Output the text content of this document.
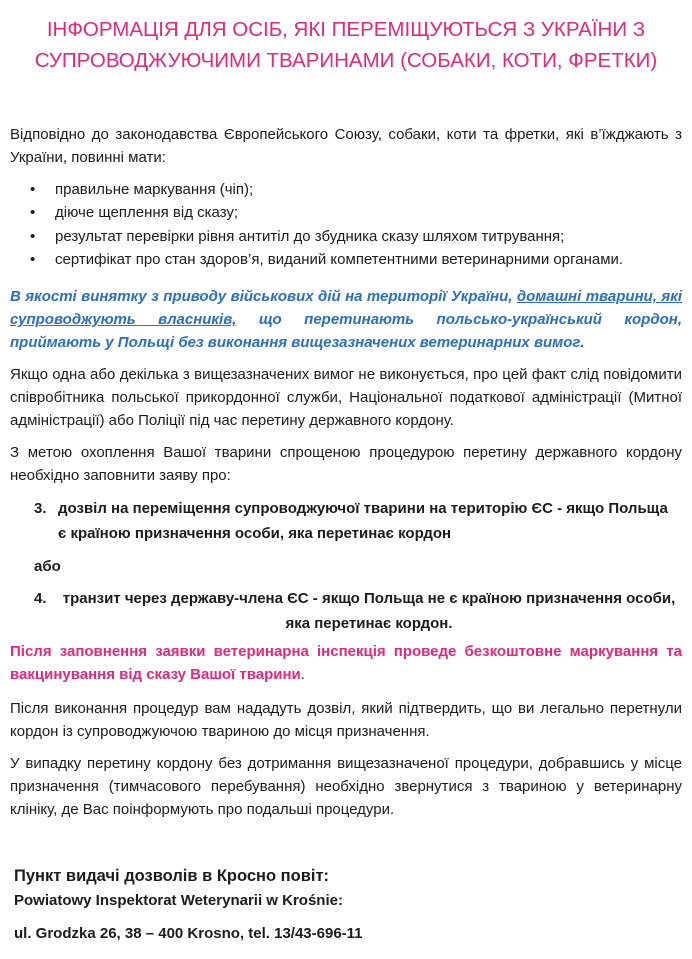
ІНФОРМАЦІЯ ДЛЯ ОСІБ, ЯКІ ПЕРЕМІЩУЮТЬСЯ З УКРАЇНИ З СУПРОВОДЖУЮЧИМИ ТВАРИНАМИ (СОБАКИ, КОТИ, ФРЕТКИ)

Відповідно до законодавства Європейського Союзу, собаки, коти та фретки, які в’їжджають з України, повинні мати:

• правильне маркування (чіп);
• діюче щеплення від сказу;
• результат перевірки рівня антитіл до збудника сказу шляхом титрування;
• сертифікат про стан здоров’я, виданий компетентними ветеринарними органами.

В якості винятку з приводу військових дій на території України, домашні тварини, які супроводжують власників, що перетинають польсько-український кордон, приймають у Польщі без виконання вищезазначених ветеринарних вимог.

Якщо одна або декілька з вищезазначених вимог не виконується, про цей факт слід повідомити співробітника польської прикордонної служби, Національної податкової адміністрації (Митної адміністрації) або Поліції під час перетину державного кордону.

З метою охоплення Вашої тварини спрощеною процедурою перетину державного кордону необхідно заповнити заяву про:

3. дозвіл на переміщення супроводжуючої тварини на територію ЄС - якщо Польща є країною призначення особи, яка перетинає кордон
або
4.	транзит через державу-члена ЄС - якщо Польща не є країною призначення особи, яка перетинає кордон.

Після заповнення заявки ветеринарна інспекція проведе безкоштовне маркування та вакцинування від сказу Вашої тварини.

Після виконання процедур вам нададуть дозвіл, який підтвердить, що ви легально перетнули кордон із супроводжуючою твариною до місця призначення.

У випадку перетину кордону без дотримання вищезазначеної процедури, добравшись у місце призначення (тимчасового перебування) необхідно звернутися з твариною у ветеринарну клініку, де Вас поінформують про подальші процедури.

Пункт видачі дозволів в Кросно повіт:

Powiatowy Inspektorat Weterynarii w Krośnie:

ul. Grodzka 26, 38 – 400 Krosno, tel. 13/43-696-11
